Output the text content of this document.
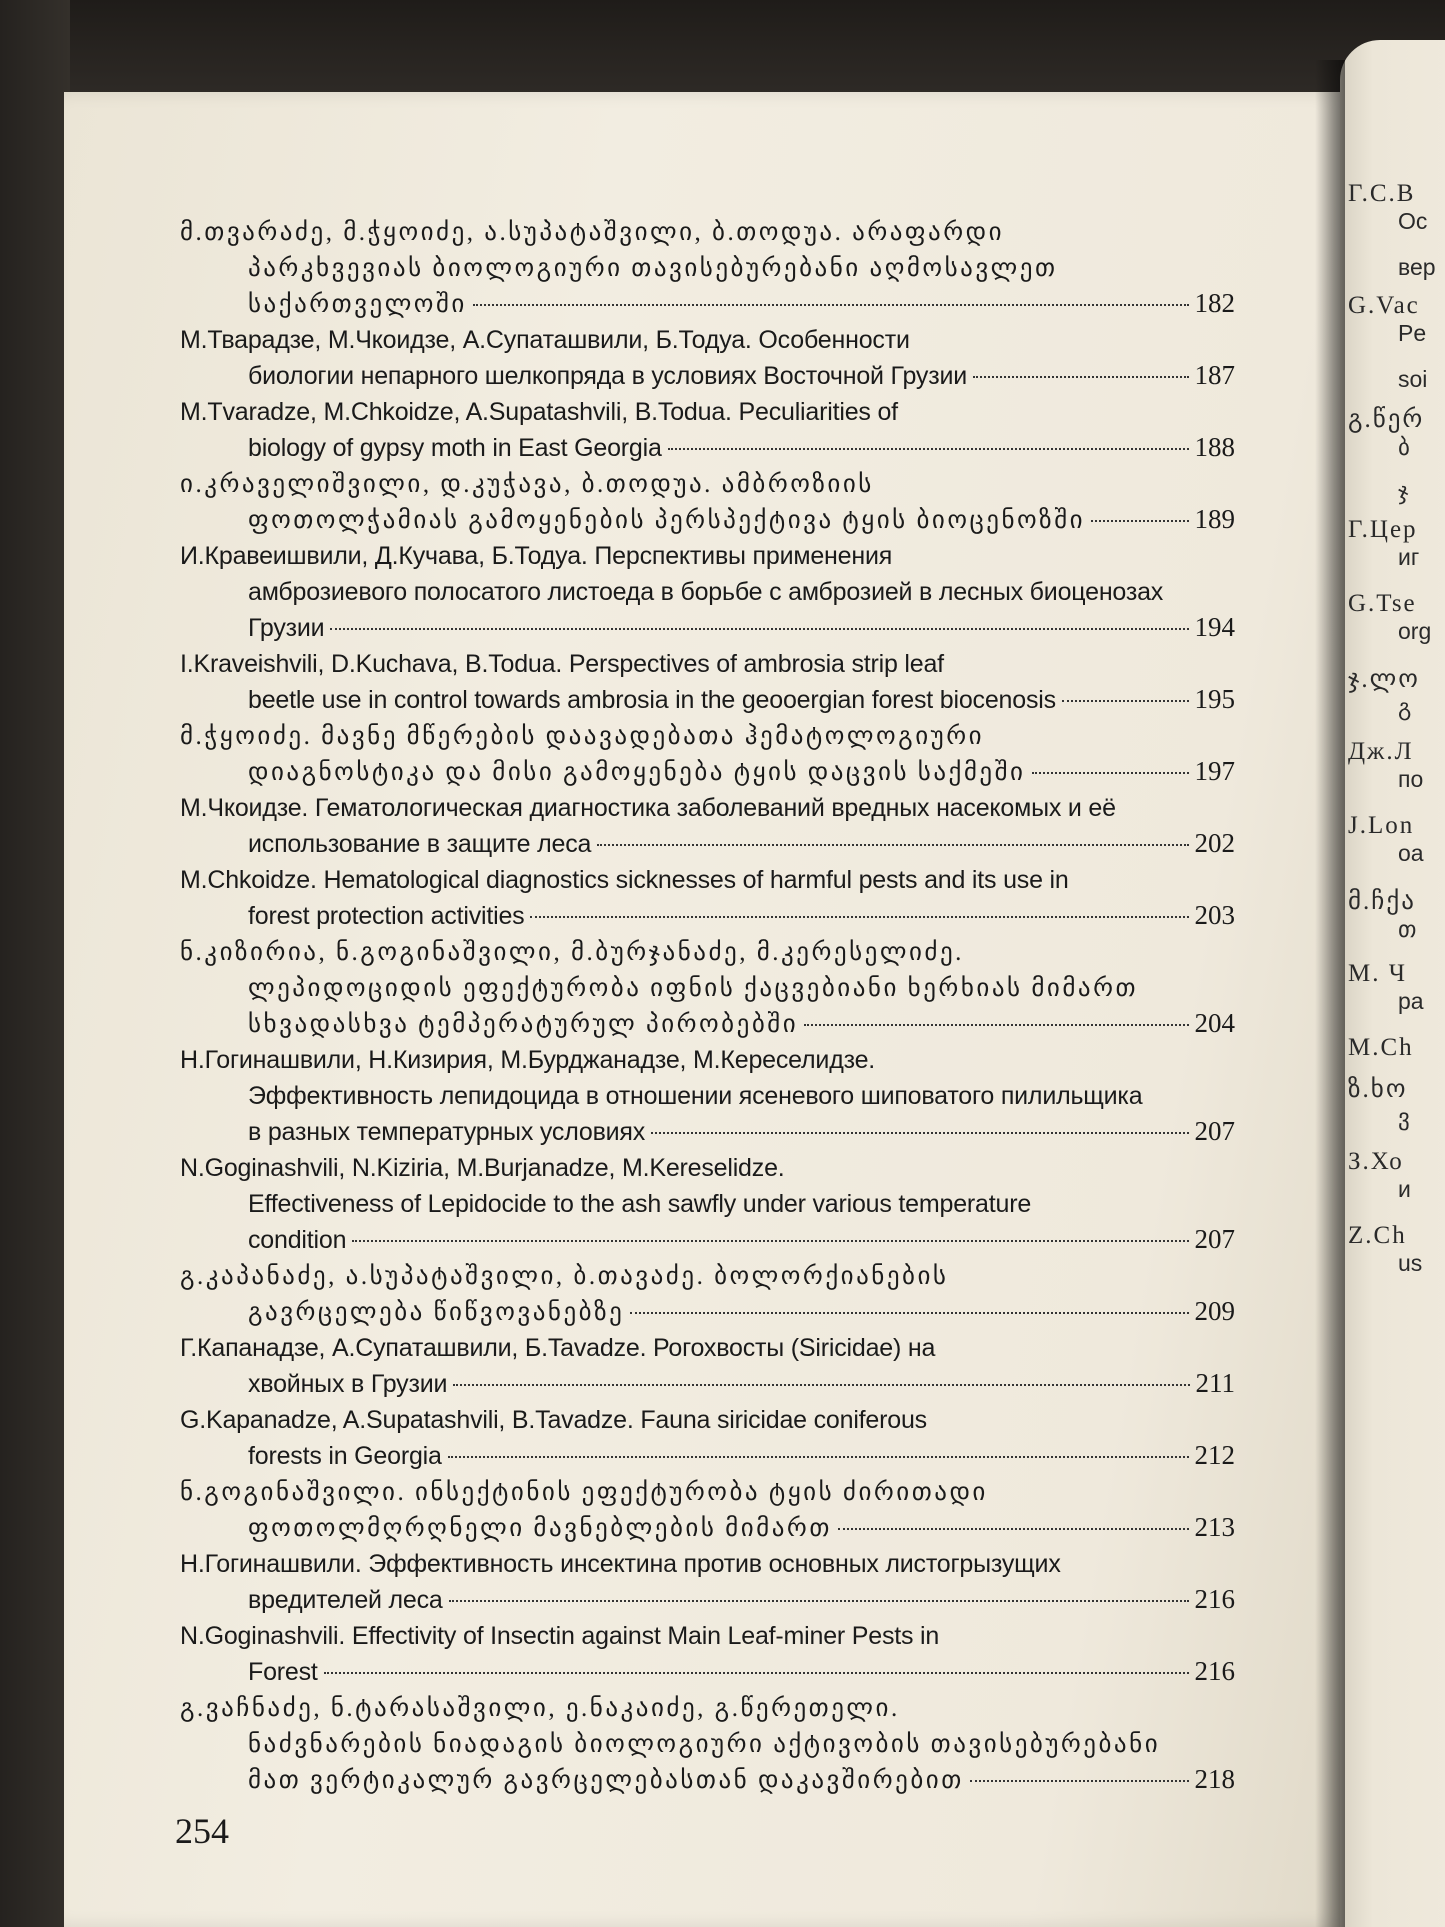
Г.С.В
Ос
вер
G.Vac
Pe
soi
გ.წერ
ბ
ჯ
Г.Цер
иг
G.Tse
org
ჯ.ლო
გ
Дж.Л
по
J.Lon
оа
მ.ჩქა
თ
М. Ч
ра
M.Ch
ზ.ხო
ვ
З.Хо
и
Z.Ch
us
მ.თვარაძე, მ.ჭყოიძე, ა.სუპატაშვილი, ბ.თოდუა. არაფარდი
პარკხვევიას ბიოლოგიური თავისებურებანი აღმოსავლეთ
საქართველოში	182
М.Тварадзе, М.Чкоидзе, А.Супаташвили, Б.Тодуа. Особенности
биологии непарного шелкопряда в условиях Восточной Грузии	187
M.Tvaradze, M.Chkoidze, A.Supatashvili, B.Todua. Peculiarities of
biology of gypsy moth in East Georgia	188
ი.კრაველიშვილი, დ.კუჭავა, ბ.თოდუა. ამბროზიის
ფოთოლჭამიას გამოყენების პერსპექტივა ტყის ბიოცენოზში	189
И.Кравеишвили, Д.Кучава, Б.Тодуа. Перспективы применения
амброзиевого полосатого листоеда в борьбе с амброзией в лесных биоценозах
Грузии	194
I.Kraveishvili, D.Kuchava, B.Todua. Perspectives of ambrosia strip leaf
beetle use in control towards ambrosia in the geooergian forest biocenosis	195
მ.ჭყოიძე. მავნე მწერების დაავადებათა ჰემატოლოგიური
დიაგნოსტიკა და მისი გამოყენება ტყის დაცვის საქმეში	197
М.Чкоидзе. Гематологическая диагностика заболеваний вредных насекомых и её
использование в защите леса	202
M.Chkoidze. Hematological diagnostics sicknesses of harmful pests and its use in
forest protection activities	203
ნ.კიზირია, ნ.გოგინაშვილი, მ.ბურჯანაძე, მ.კერესელიძე.
ლეპიდოციდის ეფექტურობა იფნის ქაცვებიანი ხერხიას მიმართ
სხვადასხვა ტემპერატურულ პირობებში	204
Н.Гогинашвили, Н.Кизирия, М.Бурджанадзе, М.Кереселидзе.
Эффективность лепидоцида в отношении ясеневого шиповатого пилильщика
в разных температурных условиях	207
N.Goginashvili, N.Kiziria, M.Burjanadze, M.Kereselidze.
Effectiveness of Lepidocide to the ash sawfly under various temperature
condition	207
გ.კაპანაძე, ა.სუპატაშვილი, ბ.თავაძე. ბოლორქიანების
გავრცელება წიწვოვანებზე	209
Г.Капанадзе, А.Супаташвили, Б.Tavadze. Рогохвосты (Siricidae) на
хвойных в Грузии	211
G.Kapanadze, A.Supatashvili, B.Tavadze. Fauna siricidae coniferous
forests in Georgia	212
ნ.გოგინაშვილი. ინსექტინის ეფექტურობა ტყის ძირითადი
ფოთოლმღრღნელი მავნებლების მიმართ	213
Н.Гогинашвили. Эффективность инсектина против основных листогрызущих
вредителей леса	216
N.Goginashvili. Effectivity of Insectin against Main Leaf-miner Pests in
Forest	216
გ.ვაჩნაძე, ნ.ტარასაშვილი, ე.ნაკაიძე, გ.წერეთელი.
ნაძვნარების ნიადაგის ბიოლოგიური აქტივობის თავისებურებანი
მათ ვერტიკალურ გავრცელებასთან დაკავშირებით	218
254
